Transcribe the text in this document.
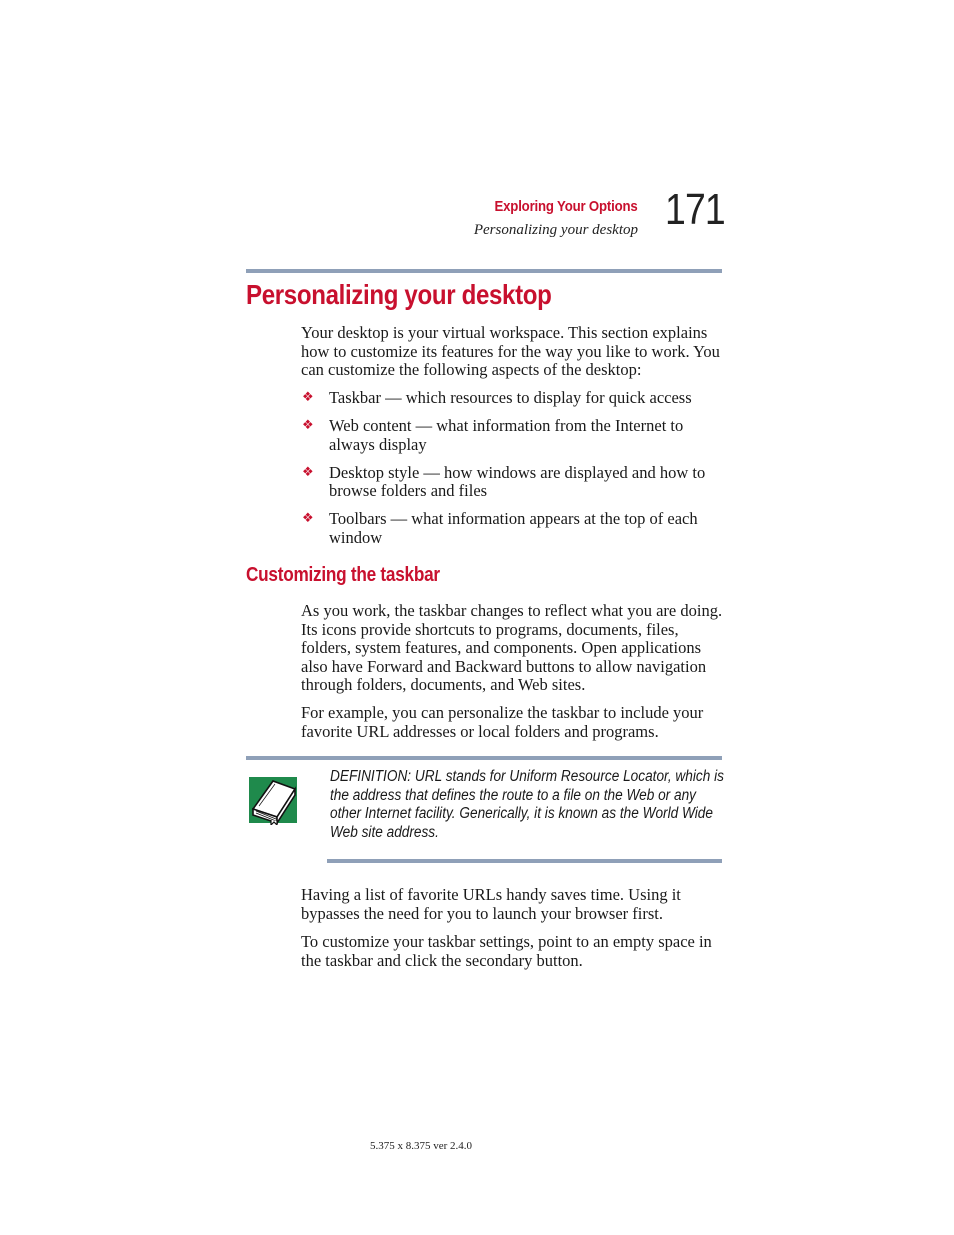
Exploring Your Options
Personalizing your desktop 171
Personalizing your desktop
Your desktop is your virtual workspace. This section explains how to customize its features for the way you like to work. You can customize the following aspects of the desktop:
❖ Taskbar — which resources to display for quick access
❖ Web content — what information from the Internet to always display
❖ Desktop style — how windows are displayed and how to browse folders and files
❖ Toolbars — what information appears at the top of each window
Customizing the taskbar
As you work, the taskbar changes to reflect what you are doing. Its icons provide shortcuts to programs, documents, files, folders, system features, and components. Open applications also have Forward and Backward buttons to allow navigation through folders, documents, and Web sites.
For example, you can personalize the taskbar to include your favorite URL addresses or local folders and programs.
DEFINITION: URL stands for Uniform Resource Locator, which is the address that defines the route to a file on the Web or any other Internet facility. Generically, it is known as the World Wide Web site address.
Having a list of favorite URLs handy saves time. Using it bypasses the need for you to launch your browser first.
To customize your taskbar settings, point to an empty space in the taskbar and click the secondary button.
5.375 x 8.375 ver 2.4.0
